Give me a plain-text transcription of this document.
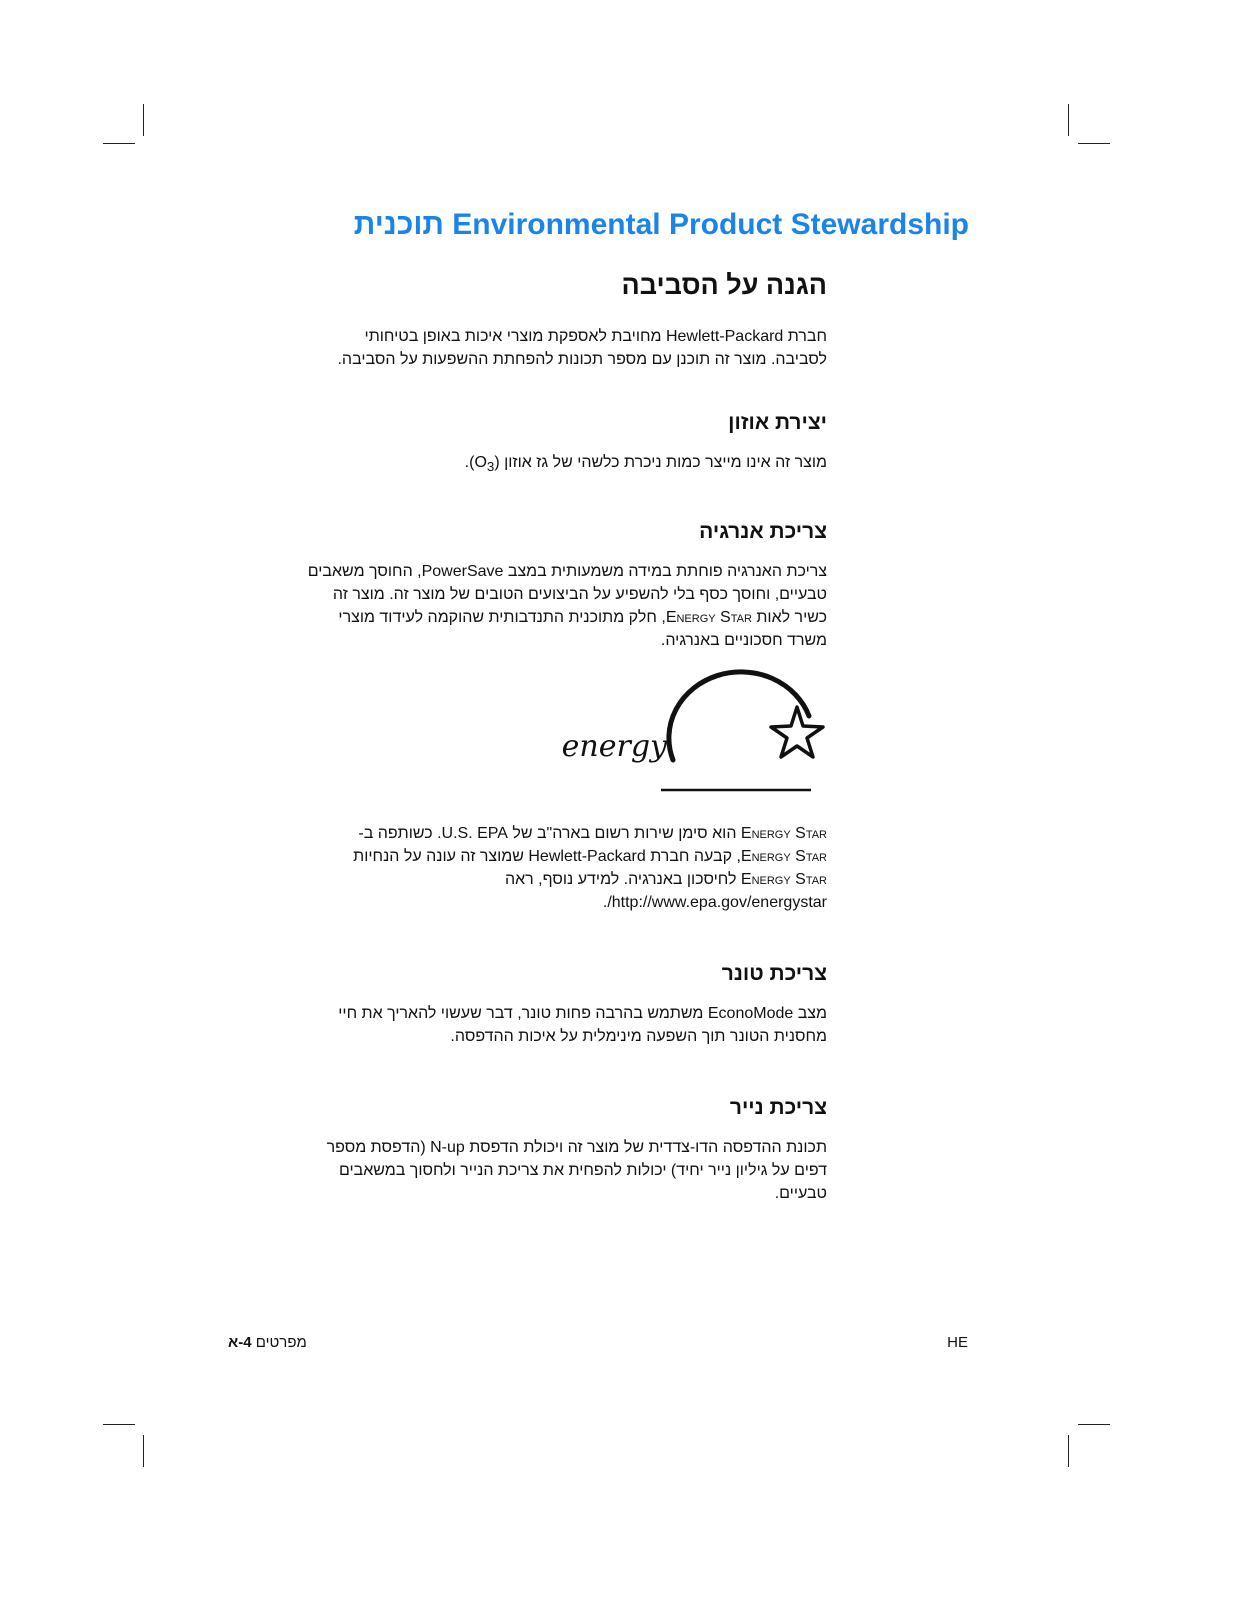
Environmental Product Stewardship תוכנית
הגנה על הסביבה

חברת Hewlett-Packard מחויבת לאספקת מוצרי איכות באופן בטיחותי
לסביבה. מוצר זה תוכנן עם מספר תכונות להפחתת ההשפעות על הסביבה.

יצירת אוזון

מוצר זה אינו מייצר כמות ניכרת כלשהי של גז אוזון $(O_3)$.

צריכת אנרגיה

צריכת האנרגיה פוחתת במידה משמעותית במצב PowerSave, החוסך משאבים
טבעיים, וחוסך כסף בלי להשפיע על הביצועים הטובים של מוצר זה. מוצר זה
כשיר לאות Energy Star, חלק מתוכנית התנדבותית שהוקמה לעידוד מוצרי
משרד חסכוניים באנרגיה.

energy

Energy Star הוא סימן שירות רשום בארה"ב של U.S. EPA. כשותפה ב-
Energy Star, קבעה חברת Hewlett-Packard שמוצר זה עונה על הנחיות
Energy Star לחיסכון באנרגיה. למידע נוסף, ראה
http://www.epa.gov/energystar/.

צריכת טונר

מצב EconoMode משתמש בהרבה פחות טונר, דבר שעשוי להאריך את חיי
מחסנית הטונר תוך השפעה מינימלית על איכות ההדפסה.

צריכת נייר

תכונת ההדפסה הדו-צדדית של מוצר זה ויכולת הדפסת N-up (הדפסת מספר
דפים על גיליון נייר יחיד) יכולות להפחית את צריכת הנייר ולחסוך במשאבים
טבעיים.

מפרטים 4-א	HE
